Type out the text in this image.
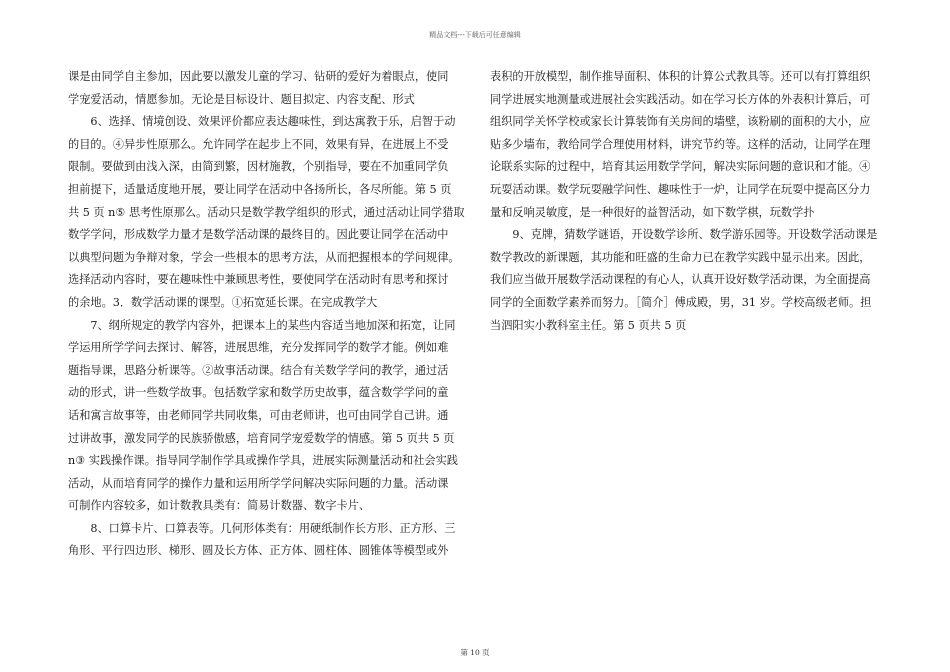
精品文档---下载后可任意编辑
课是由同学自主参加，因此要以激发儿童的学习、钻研的爱好为着眼点，使同
学宠爱活动，情愿参加。无论是目标设计、题目拟定、内容支配、形式
　　6、选择、情境创设、效果评价都应表达趣味性，到达寓教于乐，启智于动
的目的。④异步性原那么。允许同学在起步上不同，效果有异，在进展上不受
限制。要做到由浅入深，由简到繁，因材施教，个别指导，要在不加重同学负
担前提下，适量适度地开展，要让同学在活动中各扬所长，各尽所能。第 5 页
共 5 页 n⑤ 思考性原那么。活动只是数学教学组织的形式，通过活动让同学猎取
数学学问，形成数学力量才是数学活动课的最终目的。因此要让同学在活动中
以典型问题为争辩对象，学会一些根本的思考方法，从而把握根本的学问规律。
选择活动内容时，要在趣味性中兼顾思考性，要使同学在活动时有思考和探讨
的余地。3．数学活动课的课型。①拓宽延长课。在完成教学大
　　7、纲所规定的教学内容外，把课本上的某些内容适当地加深和拓宽，让同
学运用所学学问去探讨、解答，进展思维，充分发挥同学的数学才能。例如难
题指导课，思路分析课等。②故事活动课。结合有关数学学问的教学，通过活
动的形式，讲一些数学故事。包括数学家和数学历史故事，蕴含数学学问的童
话和寓言故事等，由老师同学共同收集，可由老师讲，也可由同学自己讲。通
过讲故事，激发同学的民族骄傲感，培育同学宠爱数学的情感。第 5 页共 5 页
n③ 实践操作课。指导同学制作学具或操作学具，进展实际测量活动和社会实践
活动，从而培育同学的操作力量和运用所学学问解决实际问题的力量。活动课
可制作内容较多，如计数教具类有：简易计数器、数字卡片、
　　8、口算卡片、口算表等。几何形体类有：用硬纸制作长方形、正方形、三
角形、平行四边形、梯形、圆及长方体、正方体、圆柱体、圆锥体等模型或外
表积的开放模型，制作推导面积、体积的计算公式教具等。还可以有打算组织
同学进展实地测量或进展社会实践活动。如在学习长方体的外表积计算后，可
组织同学关怀学校或家长计算装饰有关房间的墙壁，该粉刷的面积的大小，应
贴多少墙布，教给同学合理使用材料，讲究节约等。这样的活动，让同学在理
论联系实际的过程中，培育其运用数学学问，解决实际问题的意识和才能。④
玩耍活动课。数学玩耍融学问性、趣味性于一炉，让同学在玩耍中提高区分力
量和反响灵敏度，是一种很好的益智活动，如下数学棋，玩数学扑
　　9、克牌，猜数学谜语，开设数学诊所、数学游乐园等。开设数学活动课是
数学教改的新课题，其功能和旺盛的生命力已在教学实践中显示出来。因此，
我们应当做开展数学活动课程的有心人，认真开设好数学活动课，为全面提高
同学的全面数学素养而努力。［简介］傅成殿，男，31 岁。学校高级老师。担
当泗阳实小教科室主任。第 5 页共 5 页
第 10 页
